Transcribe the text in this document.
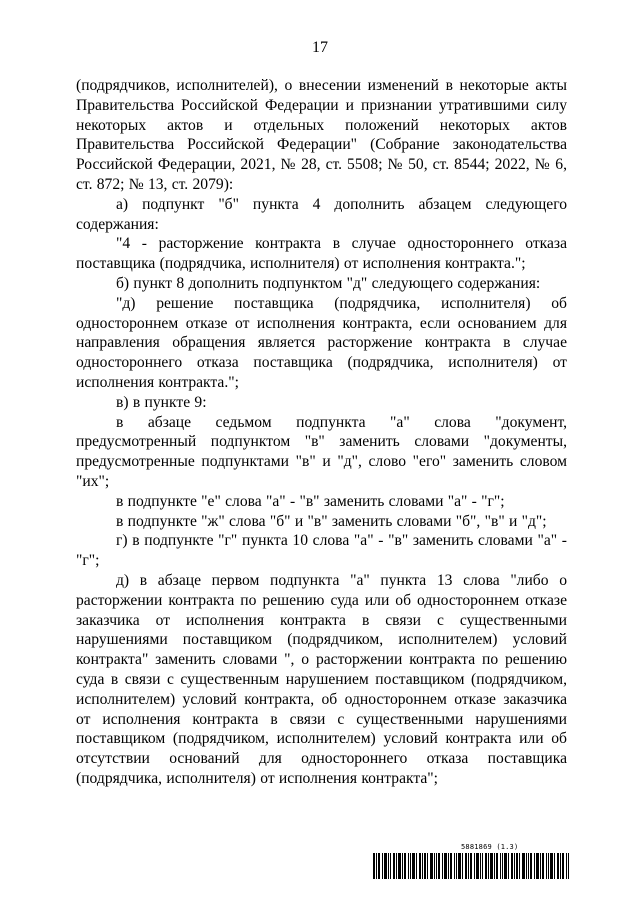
17

(подрядчиков, исполнителей), о внесении изменений в некоторые акты Правительства Российской Федерации и признании утратившими силу некоторых актов и отдельных положений некоторых актов Правительства Российской Федерации" (Собрание законодательства Российской Федерации, 2021, № 28, ст. 5508; № 50, ст. 8544; 2022, № 6, ст. 872; № 13, ст. 2079):

а) подпункт "б" пункта 4 дополнить абзацем следующего содержания:

"4 - расторжение контракта в случае одностороннего отказа поставщика (подрядчика, исполнителя) от исполнения контракта.";

б) пункт 8 дополнить подпунктом "д" следующего содержания:

"д) решение поставщика (подрядчика, исполнителя) об одностороннем отказе от исполнения контракта, если основанием для направления обращения является расторжение контракта в случае одностороннего отказа поставщика (подрядчика, исполнителя) от исполнения контракта.";

в) в пункте 9:

в абзаце седьмом подпункта "а" слова "документ, предусмотренный подпунктом "в" заменить словами "документы, предусмотренные подпунктами "в" и "д", слово "его" заменить словом "их";

в подпункте "е" слова "а" - "в" заменить словами "а" - "г";

в подпункте "ж" слова "б" и "в" заменить словами "б", "в" и "д";

г) в подпункте "г" пункта 10 слова "а" - "в" заменить словами "а" - "г";

д) в абзаце первом подпункта "а" пункта 13 слова "либо о расторжении контракта по решению суда или об одностороннем отказе заказчика от исполнения контракта в связи с существенными нарушениями поставщиком (подрядчиком, исполнителем) условий контракта" заменить словами ", о расторжении контракта по решению суда в связи с существенным нарушением поставщиком (подрядчиком, исполнителем) условий контракта, об одностороннем отказе заказчика от исполнения контракта в связи с существенными нарушениями поставщиком (подрядчиком, исполнителем) условий контракта или об отсутствии оснований для одностороннего отказа поставщика (подрядчика, исполнителя) от исполнения контракта";

5881869 (1.3)
